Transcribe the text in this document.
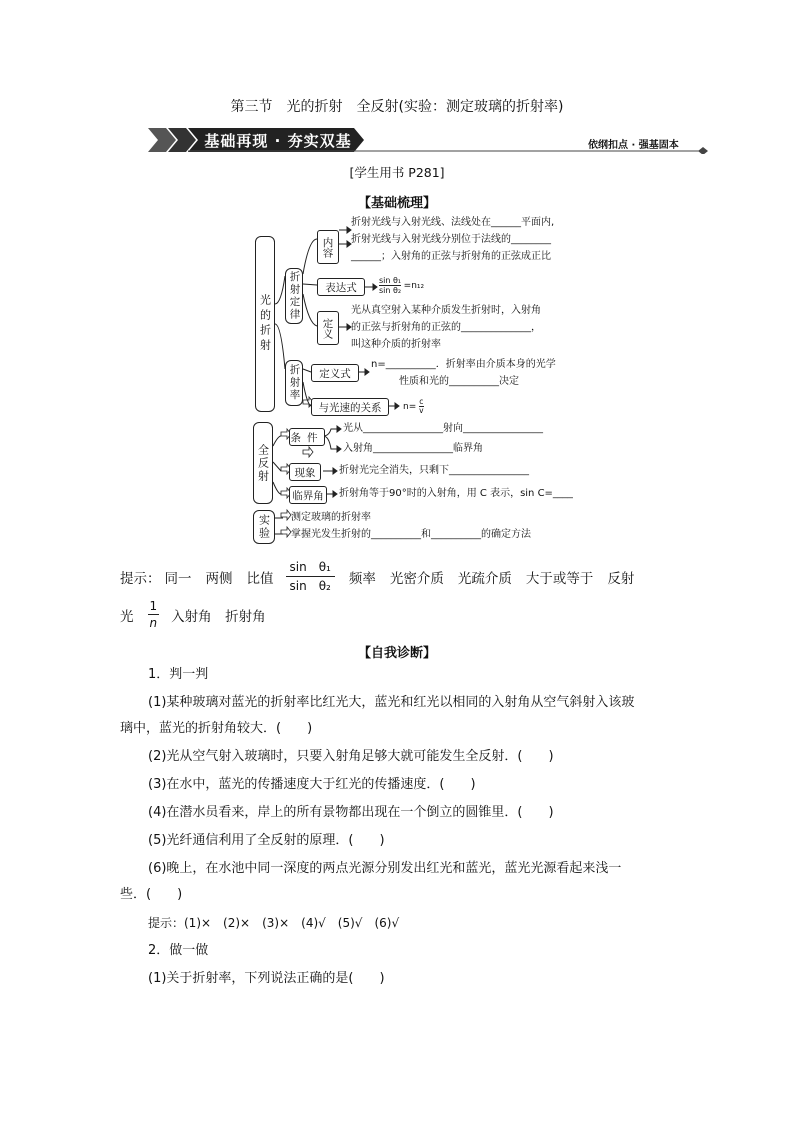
第三节　光的折射　全反射(实验：测定玻璃的折射率)
基础再现 · 夯实双基	依纲扣点 · 强基固本
[学生用书 P281]
【基础梳理】
光的折射	折射定律
内容
折射光线与入射光线、法线处在______平面内,
折射光线与入射光线分别位于法线的________
______；入射角的正弦与折射角的正弦成正比
表达式	$\frac{\text{sin θ₁}}{\text{sin θ₂}} =n_{12}$
定义
光从真空射入某种介质发生折射时，入射角
的正弦与折射角的正弦的______________，
叫这种介质的折射率
折射率	定义式
n=__________．折射率由介质本身的光学
性质和光的__________决定
与光速的关系	$n= \frac{c}{v}$
全反射
条件
光从________________射向________________
入射角________________临界角
现象	折射光完全消失，只剩下________________
临界角	折射角等于90°时的入射角，用 C 表示，sin C=____
实验	测定玻璃的折射率
掌握光发生折射的__________和__________的确定方法
提示： 同一 两侧 比值 $\frac{\text{sin　θ₁}}{\text{sin　θ₂}}$ 频率 光密介质 光疏介质 大于或等于 反射
光 $\frac{1}{n}$ 入射角　折射角
【自我诊断】
1．判一判
(1)某种玻璃对蓝光的折射率比红光大，蓝光和红光以相同的入射角从空气斜射入该玻
璃中，蓝光的折射角较大．(　　)
(2)光从空气射入玻璃时，只要入射角足够大就可能发生全反射．(　　)
(3)在水中，蓝光的传播速度大于红光的传播速度．(　　)
(4)在潜水员看来，岸上的所有景物都出现在一个倒立的圆锥里．(　　)
(5)光纤通信利用了全反射的原理．(　　)
(6)晚上，在水池中同一深度的两点光源分别发出红光和蓝光，蓝光光源看起来浅一
些．(　　)
提示：(1)×　(2)×　(3)×　(4)√　(5)√　(6)√
2．做一做
(1)关于折射率，下列说法正确的是(　　)
